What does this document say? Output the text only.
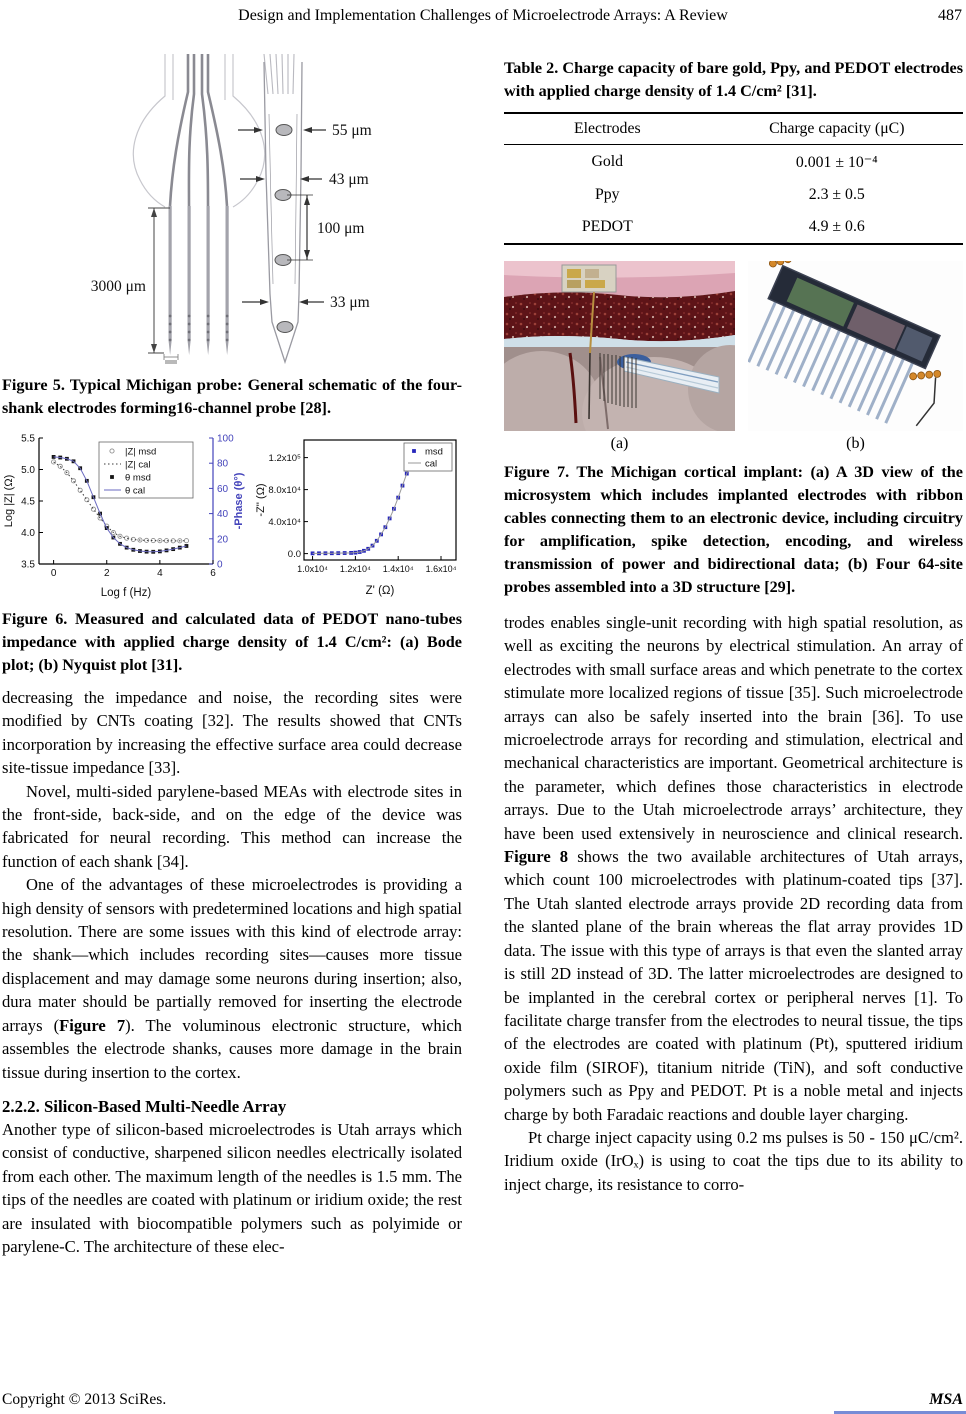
Design and Implementation Challenges of Microelectrode Arrays: A Review	487
3000 μm
55 μm
43 μm
100 μm
33 μm

Figure 5. Typical Michigan probe: General schematic of the four-shank electrodes forming16-channel probe [28].

3.5
4.0
4.5
5.0
5.5
0
20
40
60
80
100
0	2	4	6
Log f (Hz)
Log |Z| (Ω)	-Phase (θ°)
|Z| msd
|Z| cal
θ msd
θ cal
0.0
4.0x10⁴
8.0x10⁴
1.2x10⁵
1.0x10⁴ 1.2x10⁴ 1.4x10⁴ 1.6x10⁴
Z' (Ω)
-Z'' (Ω)
msd
cal

Figure 6. Measured and calculated data of PEDOT nano-tubes impedance with applied charge density of 1.4 C/cm²: (a) Bode plot; (b) Nyquist plot [31].

decreasing the impedance and noise, the recording sites were modified by CNTs coating [32]. The results showed that CNTs incorporation by increasing the effective surface area could decrease site-tissue impedance [33].

Novel, multi-sided parylene-based MEAs with electrode sites in the front-side, back-side, and on the edge of the device was fabricated for neural recording. This method can increase the function of each shank [34].

One of the advantages of these microelectrodes is providing a high density of sensors with predetermined locations and high spatial resolution. There are some issues with this kind of electrode array: the shank—which includes recording sites—causes more tissue displacement and may damage some neurons during insertion; also, dura mater should be partially removed for inserting the electrode arrays (Figure 7). The voluminous electronic structure, which assembles the electrode shanks, causes more damage in the brain tissue during insertion to the cortex.

2.2.2. Silicon-Based Multi-Needle Array

Another type of silicon-based microelectrodes is Utah arrays which consist of conductive, sharpened silicon needles electrically isolated from each other. The maximum length of the needles is 1.5 mm. The tips of the needles are coated with platinum or iridium oxide; the rest are insulated with biocompatible polymers such as polyimide or parylene-C. The architecture of these elec-

Table 2. Charge capacity of bare gold, Ppy, and PEDOT electrodes with applied charge density of 1.4 C/cm² [31].

Electrodes	Charge capacity (μC)
Gold	0.001 ± 10⁻⁴
Ppy	2.3 ± 0.5
PEDOT	4.9 ± 0.6
(a)	(b)

Figure 7. The Michigan cortical implant: (a) A 3D view of the microsystem which includes implanted electrodes with ribbon cables connecting them to an electronic device, including circuitry for amplification, spike detection, encoding, and wireless transmission of power and bidirectional data; (b) Four 64-site probes assembled into a 3D structure [29].

trodes enables single-unit recording with high spatial resolution, as well as exciting the neurons by electrical stimulation. An array of electrodes with small surface areas and which penetrate to the cortex stimulate more localized regions of tissue [35]. Such microelectrode arrays can also be safely inserted into the brain [36]. To use microelectrode arrays for recording and stimulation, electrical and mechanical characteristics are important. Geometrical architecture is the parameter, which defines those characteristics in electrode arrays. Due to the Utah microelectrode arrays’ architecture, they have been used extensively in neuroscience and clinical research. Figure 8 shows the two available architectures of Utah arrays, which count 100 microelectrodes with platinum-coated tips [37]. The Utah slanted electrode arrays provide 2D recording data from the slanted plane of the brain whereas the flat array provides 1D data. The issue with this type of arrays is that even the slanted array is still 2D instead of 3D. The latter microelectrodes are designed to be implanted in the cerebral cortex or peripheral nerves [1]. To facilitate charge transfer from the electrodes to neural tissue, the tips of the electrodes are coated with platinum (Pt), sputtered iridium oxide film (SIROF), titanium nitride (TiN), and soft conductive polymers such as Ppy and PEDOT. Pt is a noble metal and injects charge by both Faradaic reactions and double layer charging.

Pt charge inject capacity using 0.2 ms pulses is 50 - 150 μC/cm². Iridium oxide (IrOₓ) is using to coat the tips due to its ability to inject charge, its resistance to corro-

Copyright © 2013 SciRes.	MSA
